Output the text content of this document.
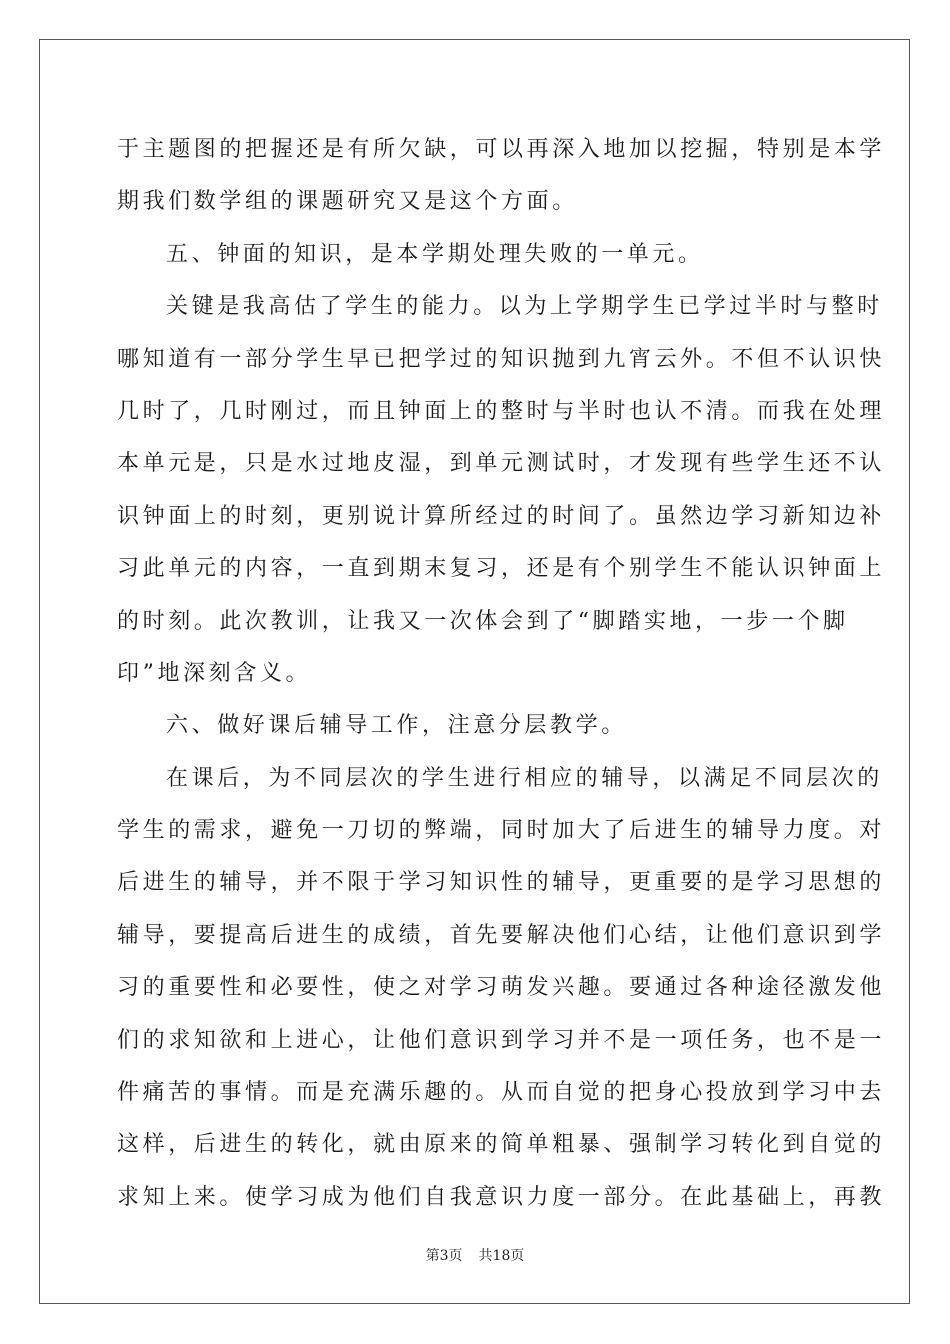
于主题图的把握还是有所欠缺，可以再深入地加以挖掘，特别是本学
期我们数学组的课题研究又是这个方面。
五、钟面的知识，是本学期处理失败的一单元。
关键是我高估了学生的能力。以为上学期学生已学过半时与整时
哪知道有一部分学生早已把学过的知识抛到九宵云外。不但不认识快
几时了，几时刚过，而且钟面上的整时与半时也认不清。而我在处理
本单元是，只是水过地皮湿，到单元测试时，才发现有些学生还不认
识钟面上的时刻，更别说计算所经过的时间了。虽然边学习新知边补
习此单元的内容，一直到期末复习，还是有个别学生不能认识钟面上
的时刻。此次教训，让我又一次体会到了“脚踏实地，一步一个脚
印”地深刻含义。
六、做好课后辅导工作，注意分层教学。
在课后，为不同层次的学生进行相应的辅导，以满足不同层次的
学生的需求，避免一刀切的弊端，同时加大了后进生的辅导力度。对
后进生的辅导，并不限于学习知识性的辅导，更重要的是学习思想的
辅导，要提高后进生的成绩，首先要解决他们心结，让他们意识到学
习的重要性和必要性，使之对学习萌发兴趣。要通过各种途径激发他
们的求知欲和上进心，让他们意识到学习并不是一项任务，也不是一
件痛苦的事情。而是充满乐趣的。从而自觉的把身心投放到学习中去
这样，后进生的转化，就由原来的简单粗暴、强制学习转化到自觉的
求知上来。使学习成为他们自我意识力度一部分。在此基础上，再教
第3页 共18页
